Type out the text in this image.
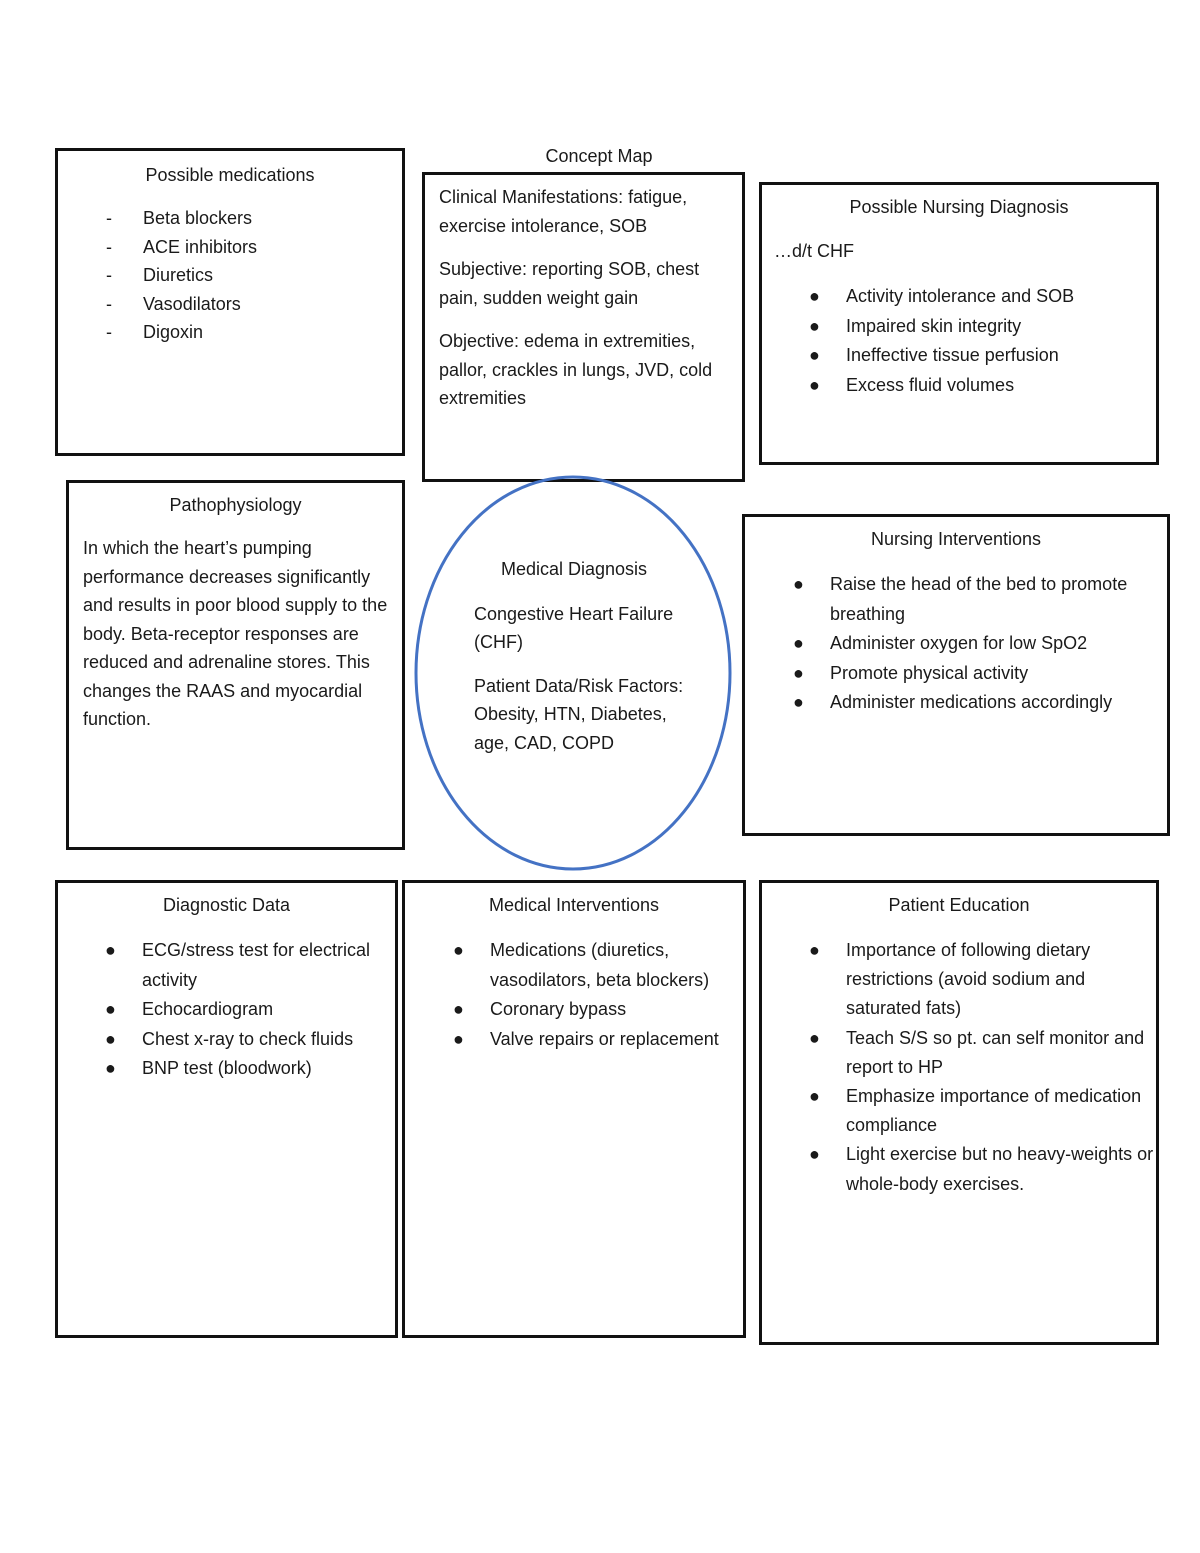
Concept Map
Possible medications
- Beta blockers
- ACE inhibitors
- Diuretics
- Vasodilators
- Digoxin

Clinical Manifestations: fatigue, exercise intolerance, SOB

Subjective: reporting SOB, chest pain, sudden weight gain

Objective: edema in extremities, pallor, crackles in lungs, JVD, cold extremities

Possible Nursing Diagnosis
…d/t CHF
● Activity intolerance and SOB
● Impaired skin integrity
● Ineffective tissue perfusion
● Excess fluid volumes
Pathophysiology
In which the heart’s pumping performance decreases significantly and results in poor blood supply to the body. Beta-receptor responses are reduced and adrenaline stores. This changes the RAAS and myocardial function.
Medical Diagnosis

Congestive Heart Failure (CHF)

Patient Data/Risk Factors: Obesity, HTN, Diabetes, age, CAD, COPD

Nursing Interventions
● Raise the head of the bed to promote breathing
● Administer oxygen for low SpO2
● Promote physical activity
● Administer medications accordingly
Diagnostic Data
● ECG/stress test for electrical activity
● Echocardiogram
● Chest x-ray to check fluids
● BNP test (bloodwork)
Medical Interventions
● Medications (diuretics, vasodilators, beta blockers)
● Coronary bypass
● Valve repairs or replacement
Patient Education
● Importance of following dietary restrictions (avoid sodium and saturated fats)
● Teach S/S so pt. can self monitor and report to HP
● Emphasize importance of medication compliance
● Light exercise but no heavy-weights or whole-body exercises.
